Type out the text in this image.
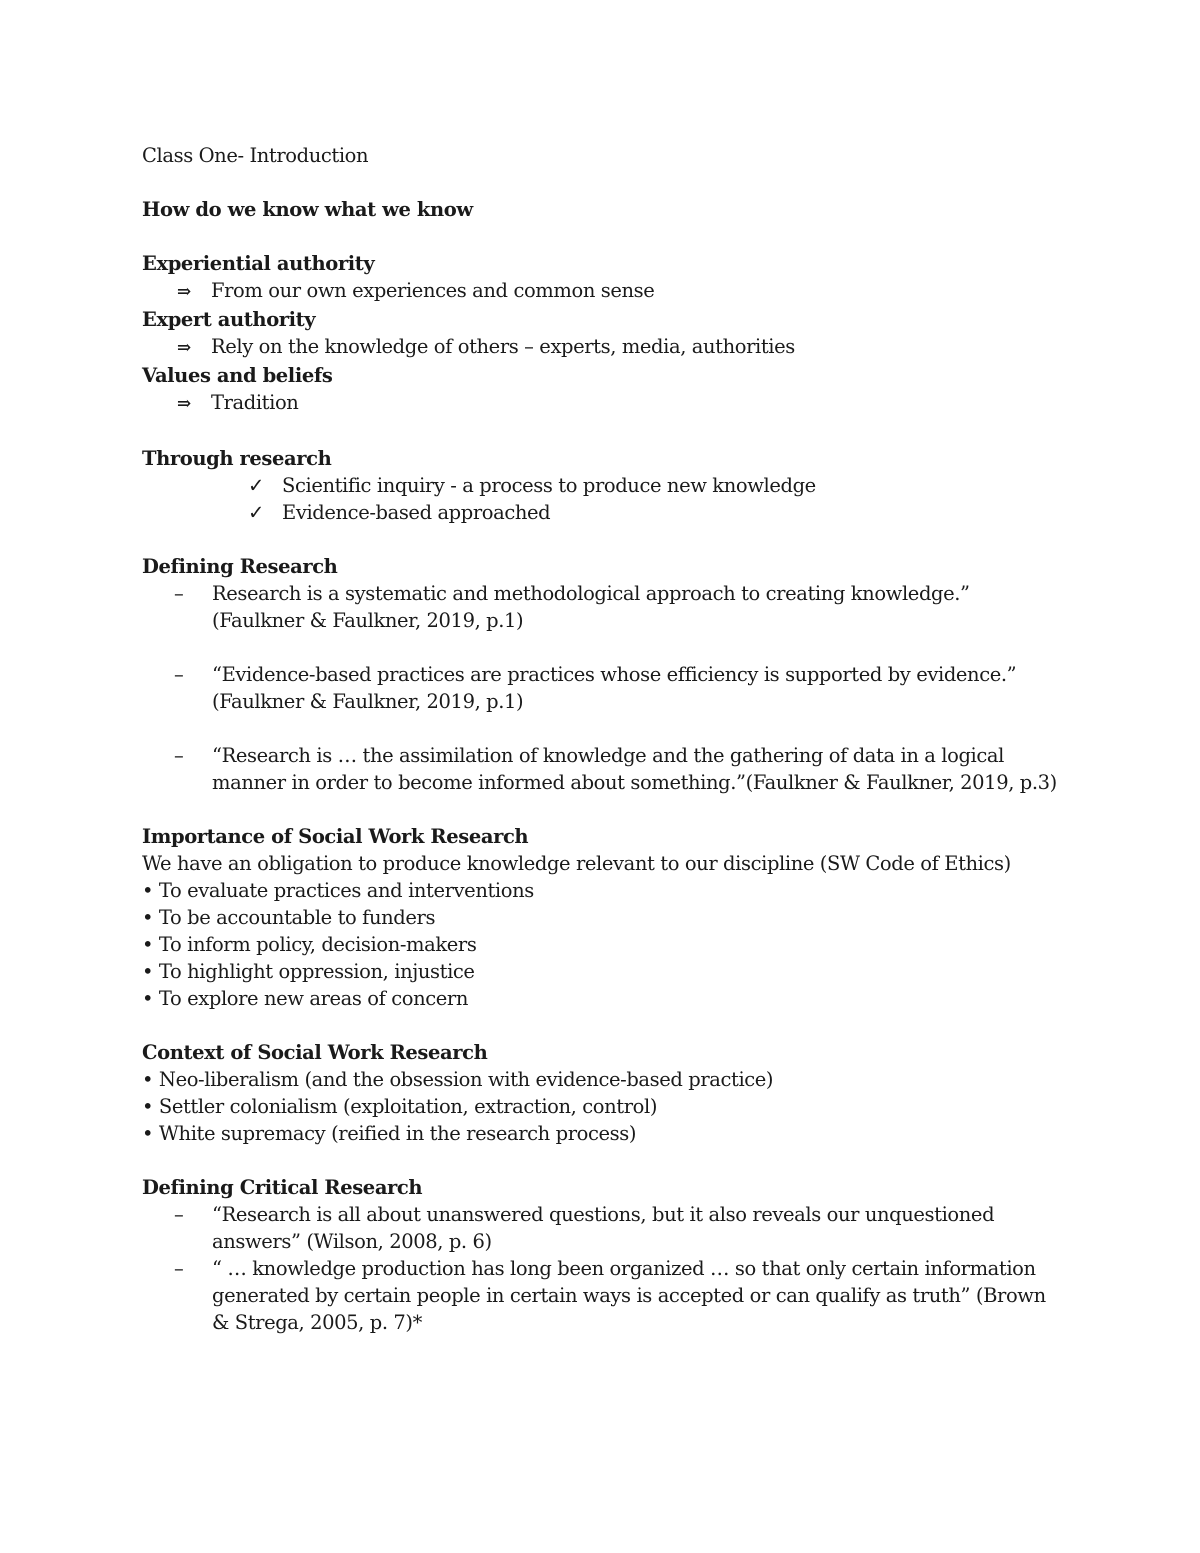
Class One- Introduction

How do we know what we know

Experiential authority

⇒	From our own experiences and common sense

Expert authority

⇒	Rely on the knowledge of others – experts, media, authorities

Values and beliefs

⇒	Tradition

Through research

✓ Scientific inquiry - a process to produce new knowledge
✓ Evidence-based approached

Defining Research

–	Research is a systematic and methodological approach to creating knowledge.” (Faulkner & Faulkner, 2019, p.1)
–	“Evidence-based practices are practices whose efficiency is supported by evidence.” (Faulkner & Faulkner, 2019, p.1)
–	“Research is … the assimilation of knowledge and the gathering of data in a logical manner in order to become informed about something.”(Faulkner & Faulkner, 2019, p.3)

Importance of Social Work Research

We have an obligation to produce knowledge relevant to our discipline (SW Code of Ethics)

• To evaluate practices and interventions

• To be accountable to funders

• To inform policy, decision-makers

• To highlight oppression, injustice

• To explore new areas of concern

Context of Social Work Research

• Neo-liberalism (and the obsession with evidence-based practice)

• Settler colonialism (exploitation, extraction, control)

• White supremacy (reified in the research process)

Defining Critical Research

–	“Research is all about unanswered questions, but it also reveals our unquestioned answers” (Wilson, 2008, p. 6)
–	“ … knowledge production has long been organized … so that only certain information generated by certain people in certain ways is accepted or can qualify as truth” (Brown & Strega, 2005, p. 7)*
